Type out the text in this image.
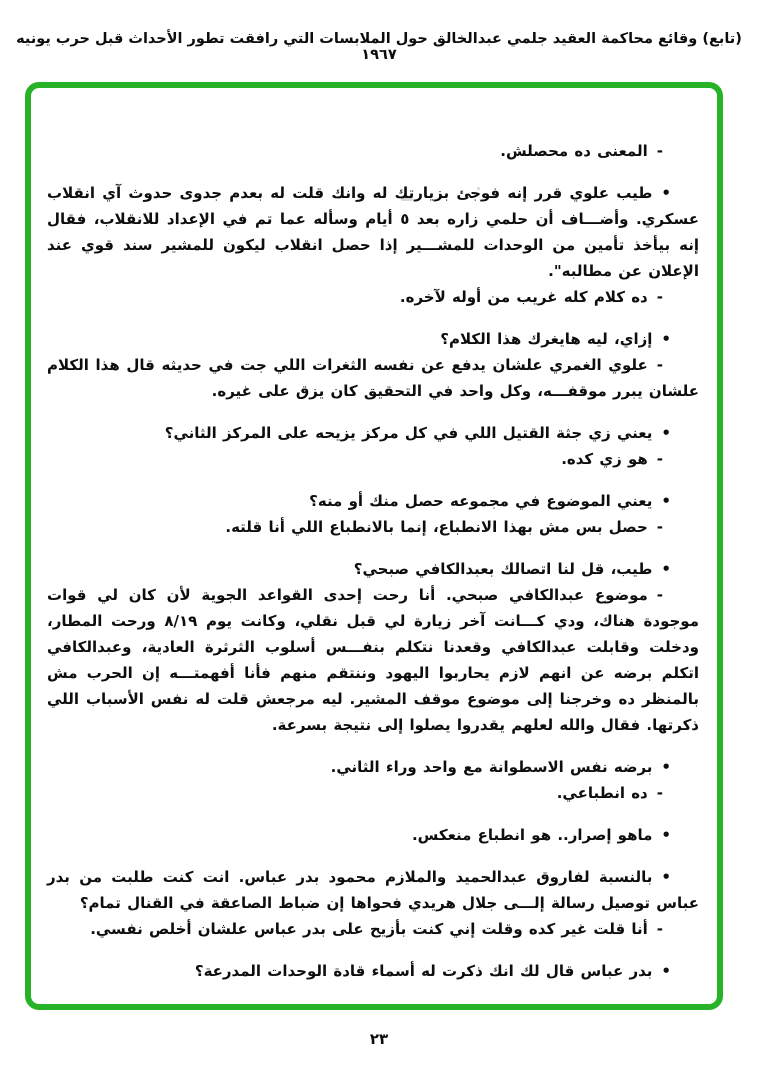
(تابع) وقائع محاكمة العقيد جلمي عبدالخالق حول الملابسات التي رافقت تطور الأحداث قبل حرب يونيه ١٩٦٧

-المعنى ده محصلش.

•طيب علوي قرر إنه فوجئ بزيارتك له وانك قلت له بعدم جدوى حدوث آي انقلاب عسكري. وأضـــاف أن حلمي زاره بعد ٥ أيام وسأله عما تم في الإعداد للانقلاب، فقال إنه بيأخذ تأمين من الوحدات للمشـــير إذا حصل انقلاب ليكون للمشير سند قوي عند الإعلان عن مطالبه".

-ده كلام كله غريب من أوله لآخره.

•إزاي، ليه هايغرك هذا الكلام؟

-علوي الغمري علشان يدفع عن نفسه الثغرات اللي جت في حديثه قال هذا الكلام علشان يبرر موقفـــه، وكل واحد في التحقيق كان يزق على غيره.

•يعني زي جثة القتيل اللي في كل مركز يزيحه على المركز الثاني؟

-هو زي كده.

•يعني الموضوع في مجموعه حصل منك أو منه؟

-حصل بس مش بهذا الانطباع، إنما بالانطباع اللي أنا قلته.

•طيب، قل لنا اتصالك بعبدالكافي صبحي؟

-موضوع عبدالكافي صبحي. أنا رحت إحدى القواعد الجوية لأن كان لي قوات موجودة هناك، ودي كـــانت آخر زيارة لي قبل نقلي، وكانت يوم ٨/١٩ ورحت المطار، ودخلت وقابلت عبدالكافي وقعدنا نتكلم بنفـــس أسلوب الثرثرة العادية، وعبدالكافي اتكلم برضه عن انهم لازم يحاربوا اليهود وننتقم منهم فأنا أفهمتـــه إن الحرب مش بالمنظر ده وخرجنا إلى موضوع موقف المشير. ليه مرجعش قلت له نفس الأسباب اللي ذكرتها. فقال والله لعلهم يقدروا يصلوا إلى نتيجة بسرعة.

•برضه نفس الاسطوانة مع واحد وراء الثاني.

-ده انطباعي.

•ماهو إصرار.. هو انطباع منعكس.

•بالنسبة لفاروق عبدالحميد والملازم محمود بدر عباس. انت كنت طلبت من بدر عباس توصيل رسالة إلـــى جلال هريدي فحواها إن ضباط الصاعقة في القنال تمام؟

-أنا قلت غير كده وقلت إني كنت بأزيح على بدر عباس علشان أخلص نفسي.

•بدر عباس قال لك انك ذكرت له أسماء قادة الوحدات المدرعة؟

٢٣
